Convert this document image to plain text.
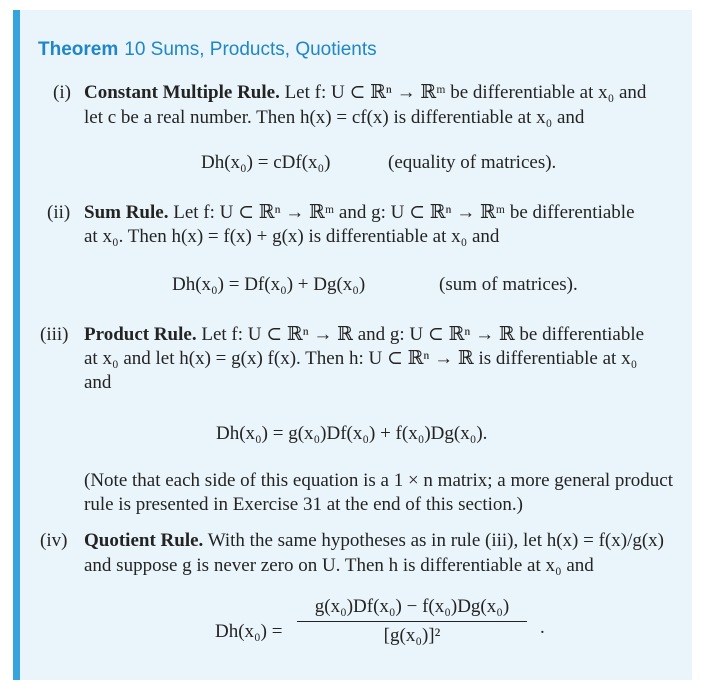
Theorem 10 Sums, Products, Quotients
(i) Constant Multiple Rule. Let f: U ⊂ ℝⁿ → ℝᵐ be differentiable at x₀ and
let c be a real number. Then h(x) = cf(x) is differentiable at x₀ and
Dh(x₀) = cDf(x₀)	(equality of matrices).
(ii) Sum Rule. Let f: U ⊂ ℝⁿ → ℝᵐ and g: U ⊂ ℝⁿ → ℝᵐ be differentiable
at x₀. Then h(x) = f(x) + g(x) is differentiable at x₀ and
Dh(x₀) = Df(x₀) + Dg(x₀)	(sum of matrices).
(iii) Product Rule. Let f: U ⊂ ℝⁿ → ℝ and g: U ⊂ ℝⁿ → ℝ be differentiable
at x₀ and let h(x) = g(x) f(x). Then h: U ⊂ ℝⁿ → ℝ is differentiable at x₀
and
Dh(x₀) = g(x₀)Df(x₀) + f(x₀)Dg(x₀).
(Note that each side of this equation is a 1 × n matrix; a more general product
rule is presented in Exercise 31 at the end of this section.)
(iv) Quotient Rule. With the same hypotheses as in rule (iii), let h(x) = f(x)/g(x)
and suppose g is never zero on U. Then h is differentiable at x₀ and
$Dh(x_0) = \frac{\text{g(x₀)Df(x₀) − f(x₀)Dg(x₀)}}{\text{[g(x₀)]²}}$ .
